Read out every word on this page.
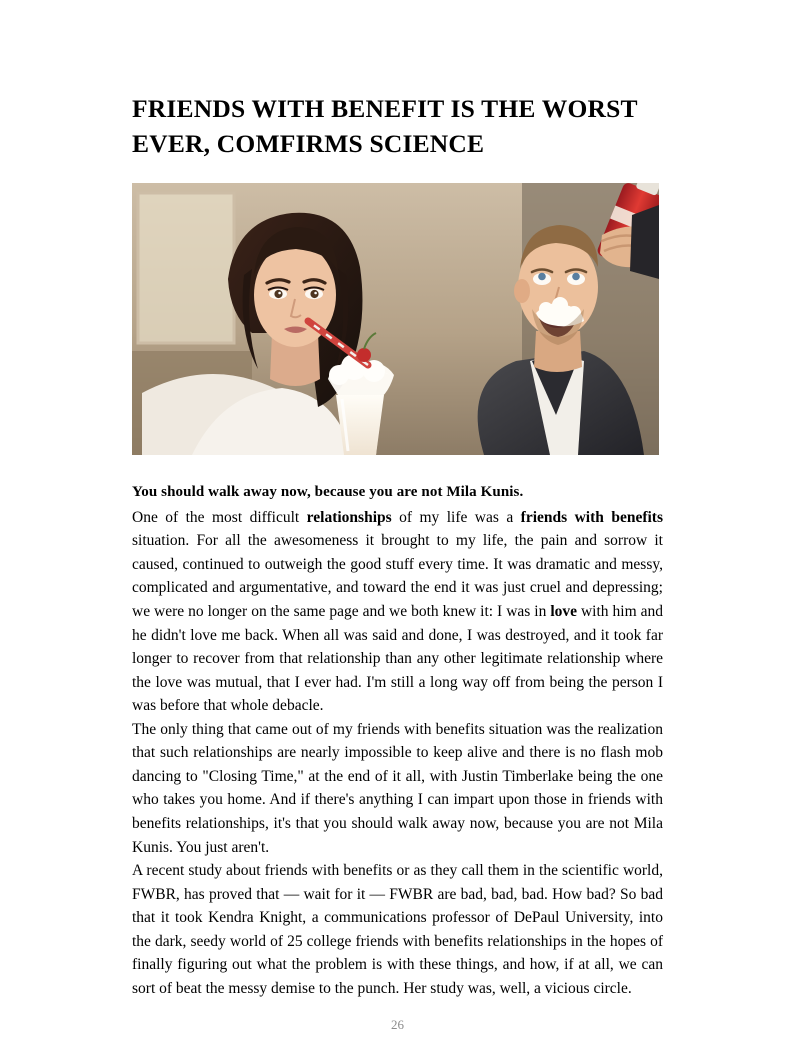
FRIENDS WITH BENEFIT IS THE WORST EVER, COMFIRMS SCIENCE

You should walk away now, because you are not Mila Kunis.

One of the most difficult relationships of my life was a friends with benefits situation. For all the awesomeness it brought to my life, the pain and sorrow it caused, continued to outweigh the good stuff every time. It was dramatic and messy, complicated and argumentative, and toward the end it was just cruel and depressing; we were no longer on the same page and we both knew it: I was in love with him and he didn't love me back. When all was said and done, I was destroyed, and it took far longer to recover from that relationship than any other legitimate relationship where the love was mutual, that I ever had. I'm still a long way off from being the person I was before that whole debacle.

The only thing that came out of my friends with benefits situation was the realization that such relationships are nearly impossible to keep alive and there is no flash mob dancing to "Closing Time," at the end of it all, with Justin Timberlake being the one who takes you home. And if there's anything I can impart upon those in friends with benefits relationships, it's that you should walk away now, because you are not Mila Kunis. You just aren't.

A recent study about friends with benefits or as they call them in the scientific world, FWBR, has proved that — wait for it — FWBR are bad, bad, bad. How bad? So bad that it took Kendra Knight, a communications professor of DePaul University, into the dark, seedy world of 25 college friends with benefits relationships in the hopes of finally figuring out what the problem is with these things, and how, if at all, we can sort of beat the messy demise to the punch. Her study was, well, a vicious circle.

26
